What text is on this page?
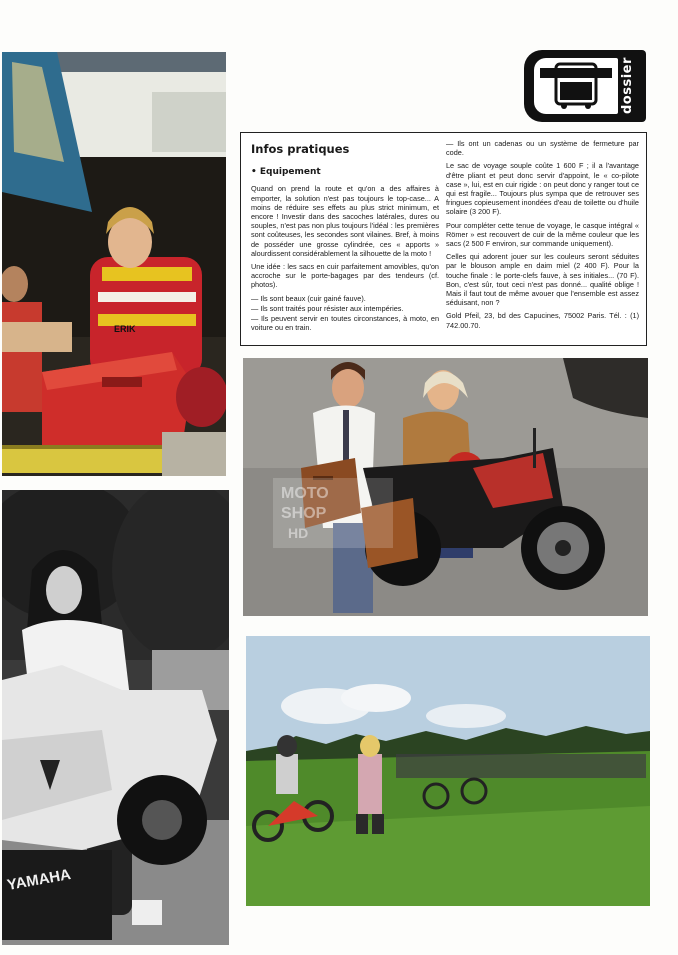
ERIK
YAMAHA
dossier
Infos pratiques
• Equipement

Quand on prend la route et qu'on a des affaires à emporter, la solution n'est pas toujours le top-case... A moins de réduire ses effets au plus strict minimum, et encore ! Investir dans des sacoches latérales, dures ou souples, n'est pas non plus toujours l'idéal : les premières sont coûteuses, les secondes sont vilaines. Bref, à moins de posséder une grosse cylindrée, ces « apports » alourdissent considérablement la silhouette de la moto !

Une idée : les sacs en cuir parfaitement amovibles, qu'on accroche sur le porte-bagages par des tendeurs (cf. photos).

— Ils sont beaux (cuir gainé fauve).
— Ils sont traités pour résister aux intempéries.
— Ils peuvent servir en toutes circonstances, à moto, en voiture ou en train.

— Ils ont un cadenas ou un système de fermeture par code.

Le sac de voyage souple coûte 1 600 F ; il a l'avantage d'être pliant et peut donc servir d'appoint, le « co-pilote case », lui, est en cuir rigide : on peut donc y ranger tout ce qui est fragile... Toujours plus sympa que de retrouver ses fringues copieusement inondées d'eau de toilette ou d'huile solaire (3 200 F).

Pour compléter cette tenue de voyage, le casque intégral « Römer » est recouvert de cuir de la même couleur que les sacs (2 500 F environ, sur commande uniquement).

Celles qui adorent jouer sur les couleurs seront séduites par le blouson ample en daim miel (2 400 F). Pour la touche finale : le porte-clefs fauve, à ses initiales... (70 F). Bon, c'est sûr, tout ceci n'est pas donné... qualité oblige ! Mais il faut tout de même avouer que l'ensemble est assez séduisant, non ?

Gold Pfeil, 23, bd des Capucines, 75002 Paris. Tél. : (1) 742.00.70.

MOTO
SHOP
HD
